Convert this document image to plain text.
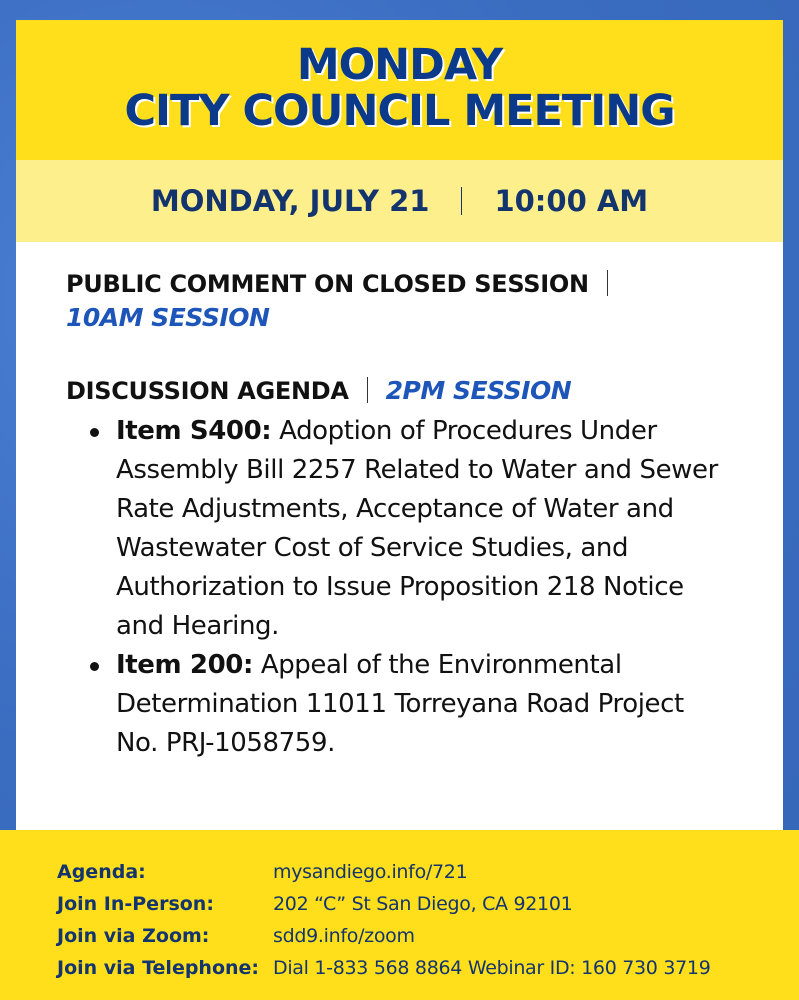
MONDAY
CITY COUNCIL MEETING
MONDAY, JULY 21 10:00 AM
PUBLIC COMMENT ON CLOSED SESSION
10AM SESSION
DISCUSSION AGENDA 2PM SESSION
Item S400: Adoption of Procedures Under Assembly Bill 2257 Related to Water and Sewer Rate Adjustments, Acceptance of Water and Wastewater Cost of Service Studies, and Authorization to Issue Proposition 218 Notice and Hearing.
Item 200: Appeal of the Environmental Determination 11011 Torreyana Road Project No. PRJ-1058759.
Agenda:	mysandiego.info/721
Join In-Person:	202 “C” St San Diego, CA 92101
Join via Zoom:	sdd9.info/zoom
Join via Telephone: Dial 1-833 568 8864 Webinar ID: 160 730 3719
